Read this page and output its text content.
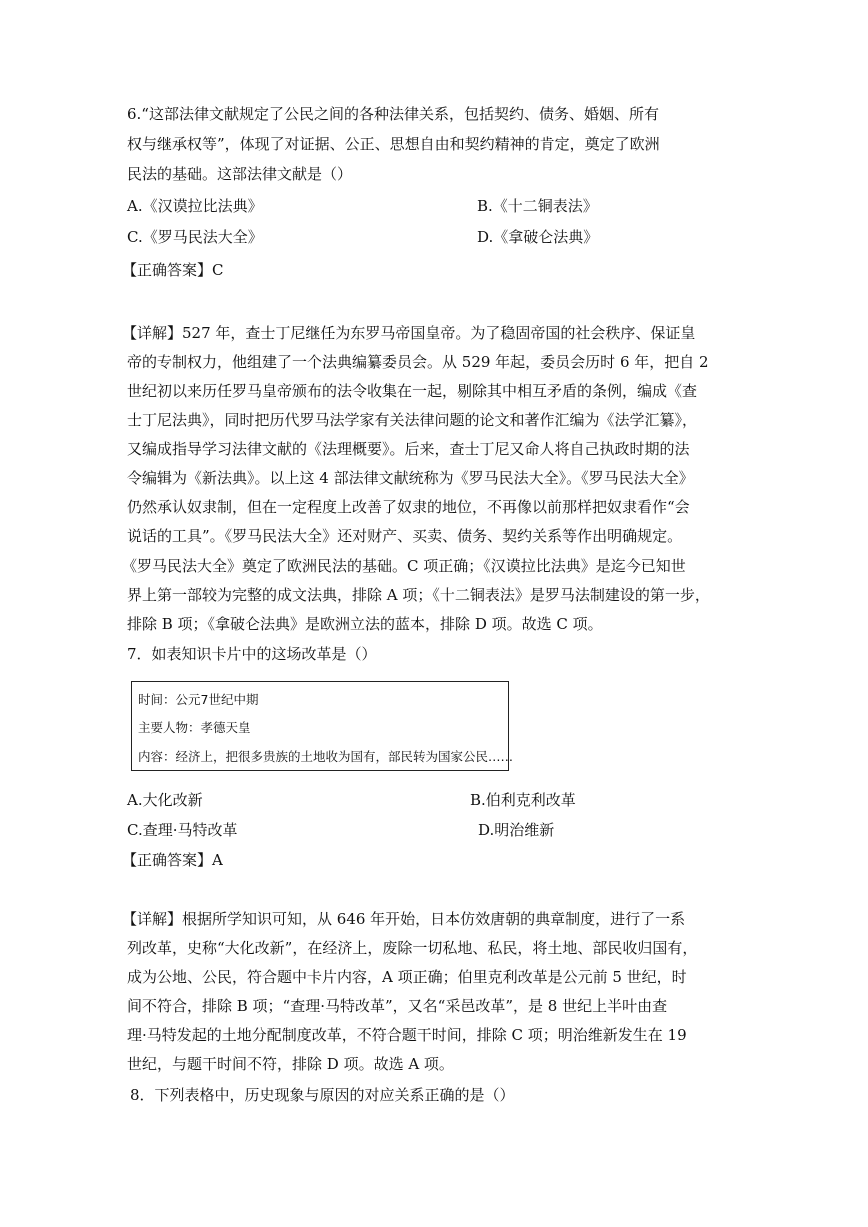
6.“这部法律文献规定了公民之间的各种法律关系，包括契约、债务、婚姻、所有
权与继承权等”，体现了对证据、公正、思想自由和契约精神的肯定，奠定了欧洲
民法的基础。这部法律文献是（）
A.《汉谟拉比法典》	B.《十二铜表法》
C.《罗马民法大全》	D.《拿破仑法典》
【正确答案】C
【详解】527 年，查士丁尼继任为东罗马帝国皇帝。为了稳固帝国的社会秩序、保证皇
帝的专制权力，他组建了一个法典编纂委员会。从 529 年起，委员会历时 6 年，把自 2
世纪初以来历任罗马皇帝颁布的法令收集在一起，剔除其中相互矛盾的条例，编成《查
士丁尼法典》，同时把历代罗马法学家有关法律问题的论文和著作汇编为《法学汇纂》，
又编成指导学习法律文献的《法理概要》。后来，查士丁尼又命人将自己执政时期的法
令编辑为《新法典》。以上这 4 部法律文献统称为《罗马民法大全》。《罗马民法大全》
仍然承认奴隶制，但在一定程度上改善了奴隶的地位，不再像以前那样把奴隶看作“会
说话的工具”。《罗马民法大全》还对财产、买卖、债务、契约关系等作出明确规定。
《罗马民法大全》奠定了欧洲民法的基础。C 项正确；《汉谟拉比法典》是迄今已知世
界上第一部较为完整的成文法典，排除 A 项；《十二铜表法》是罗马法制建设的第一步，
排除 B 项；《拿破仑法典》是欧洲立法的蓝本，排除 D 项。故选 C 项。
7．如表知识卡片中的这场改革是（）
时间：公元7世纪中期
主要人物：孝德天皇
内容：经济上，把很多贵族的土地收为国有，部民转为国家公民……
A.大化改新	B.伯利克利改革
C.查理·马特改革	D.明治维新
【正确答案】A
【详解】根据所学知识可知，从 646 年开始，日本仿效唐朝的典章制度，进行了一系
列改革，史称“大化改新”，在经济上，废除一切私地、私民，将土地、部民收归国有，
成为公地、公民，符合题中卡片内容，A 项正确；伯里克利改革是公元前 5 世纪，时
间不符合，排除 B 项；“查理·马特改革”，又名“采邑改革”，是 8 世纪上半叶由查
理·马特发起的土地分配制度改革，不符合题干时间，排除 C 项；明治维新发生在 19
世纪，与题干时间不符，排除 D 项。故选 A 项。
8．下列表格中，历史现象与原因的对应关系正确的是（）
